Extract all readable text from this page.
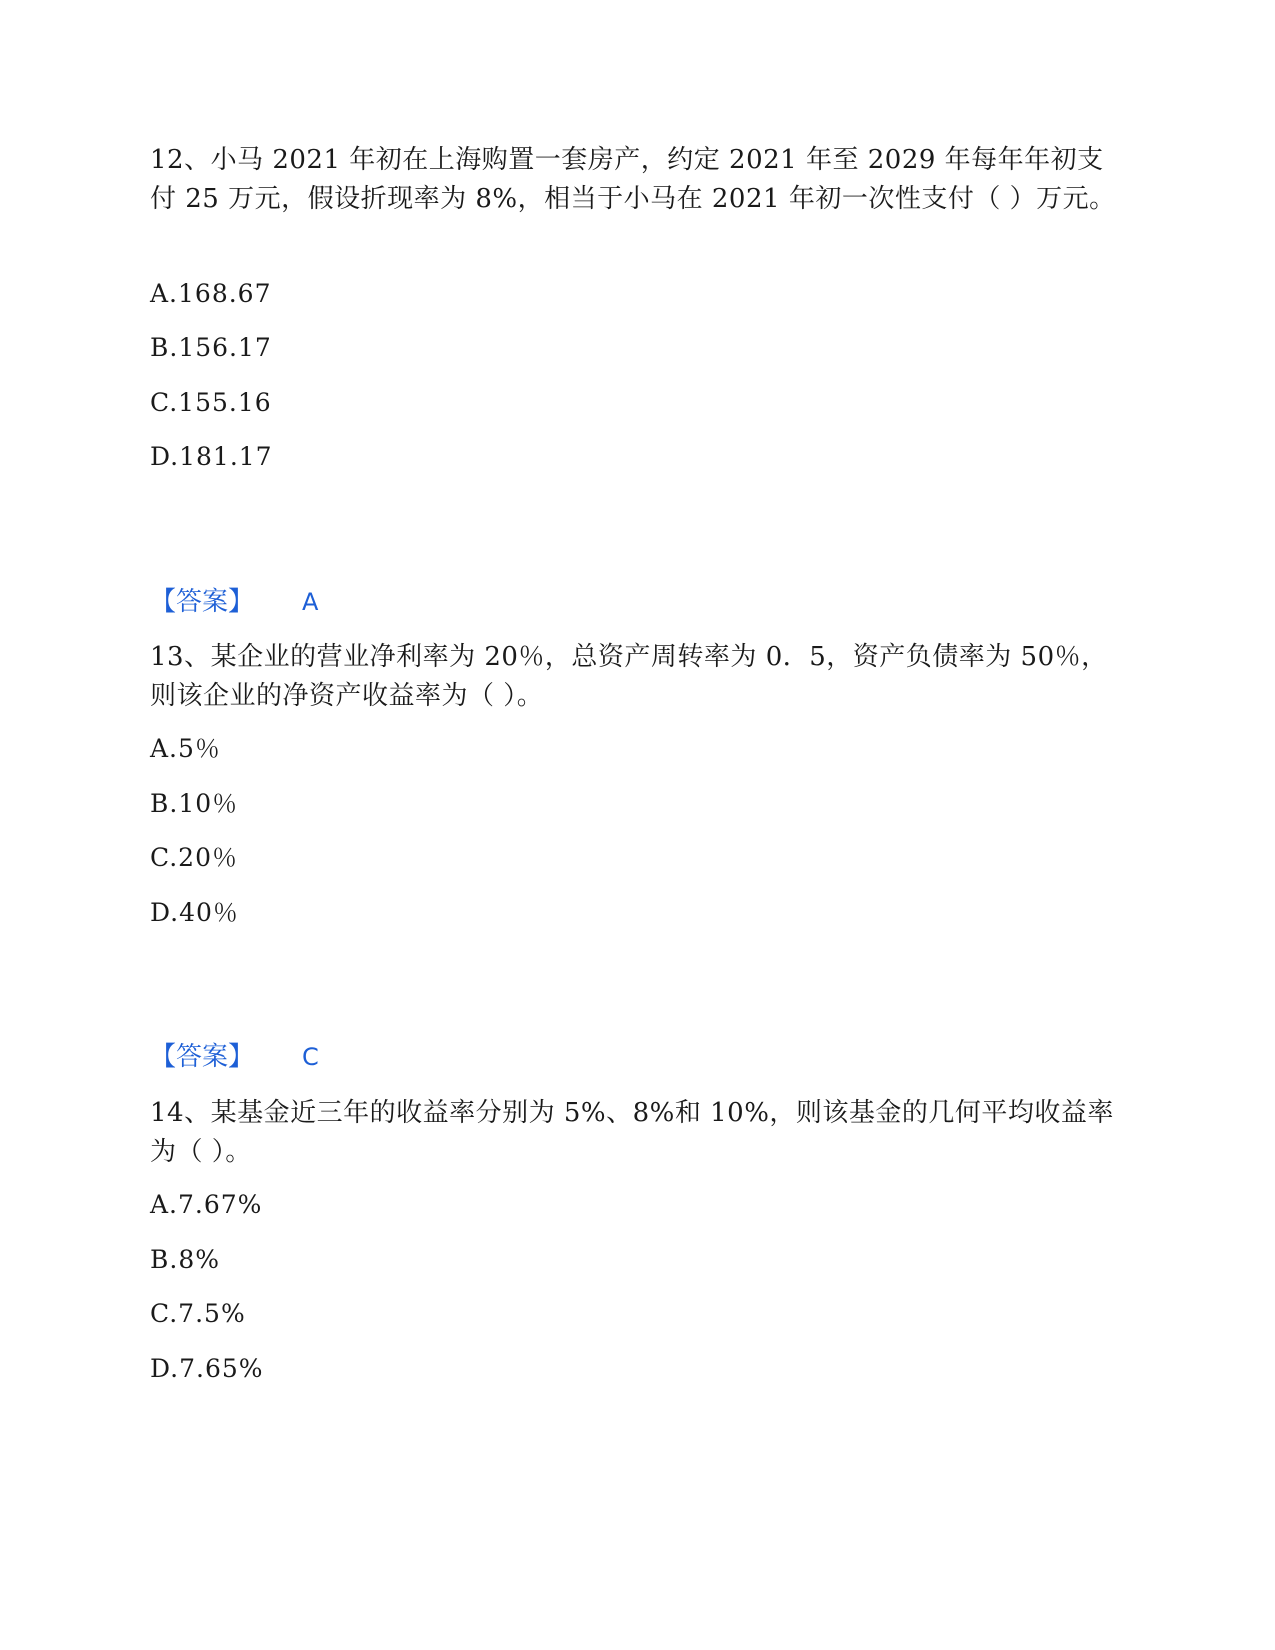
12、小马 2021 年初在上海购置一套房产，约定 2021 年至 2029 年每年年初支付 25 万元，假设折现率为 8%，相当于小马在 2021 年初一次性支付（ ）万元。
A.168.67
B.156.17
C.155.16
D.181.17
【答案】 A
13、某企业的营业净利率为 20％，总资产周转率为 0．5，资产负债率为 50％，则该企业的净资产收益率为（ ）。
A.5％
B.10％
C.20％
D.40％
【答案】 C
14、某基金近三年的收益率分别为 5%、8%和 10%，则该基金的几何平均收益率为（ ）。
A.7.67%
B.8%
C.7.5%
D.7.65%
